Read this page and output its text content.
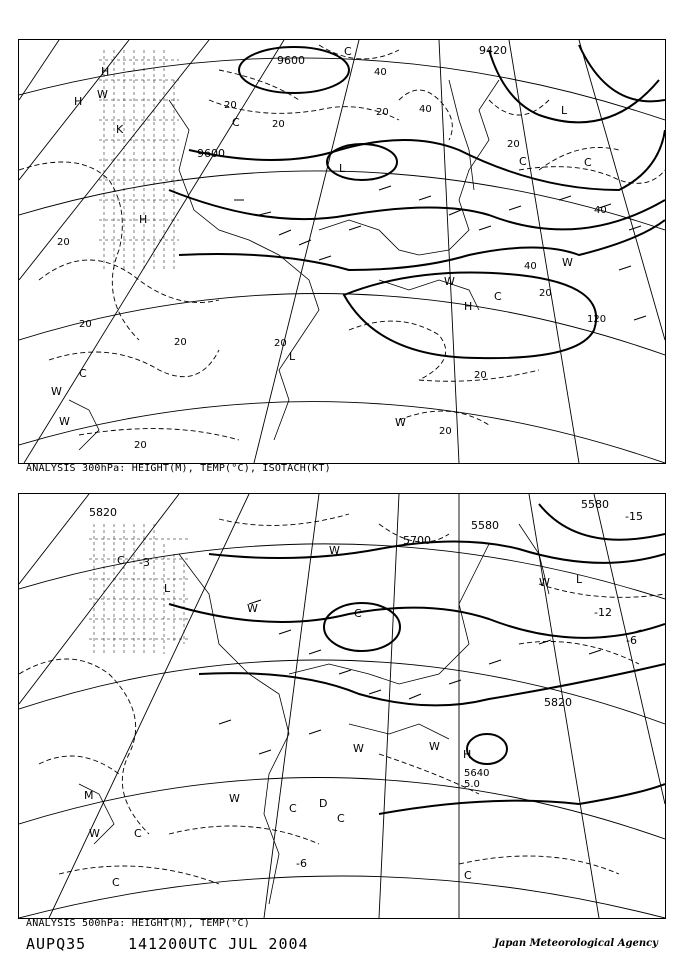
9600
9420
9600
20
40
20
40
20
20
20
40
20	20
20
20
20
40
20
20
120
H
W
K
C
L
H
W
C
L
W
C
H
C
W
W
L
C
H
C
W
ANALYSIS 300hPa: HEIGHT(M), TEMP(°C), ISOTACH(KT)
5820
5580
5580
5700
5820
5640
-15
-12
-6
-3
-6
5.0
W
C
L
W
C
W
L
H
C
W
W
W
C
W
C
C
M
C D
ANALYSIS 500hPa: HEIGHT(M), TEMP(°C)
AUPQ35	141200UTC JUL 2004	Japan Meteorological Agency
